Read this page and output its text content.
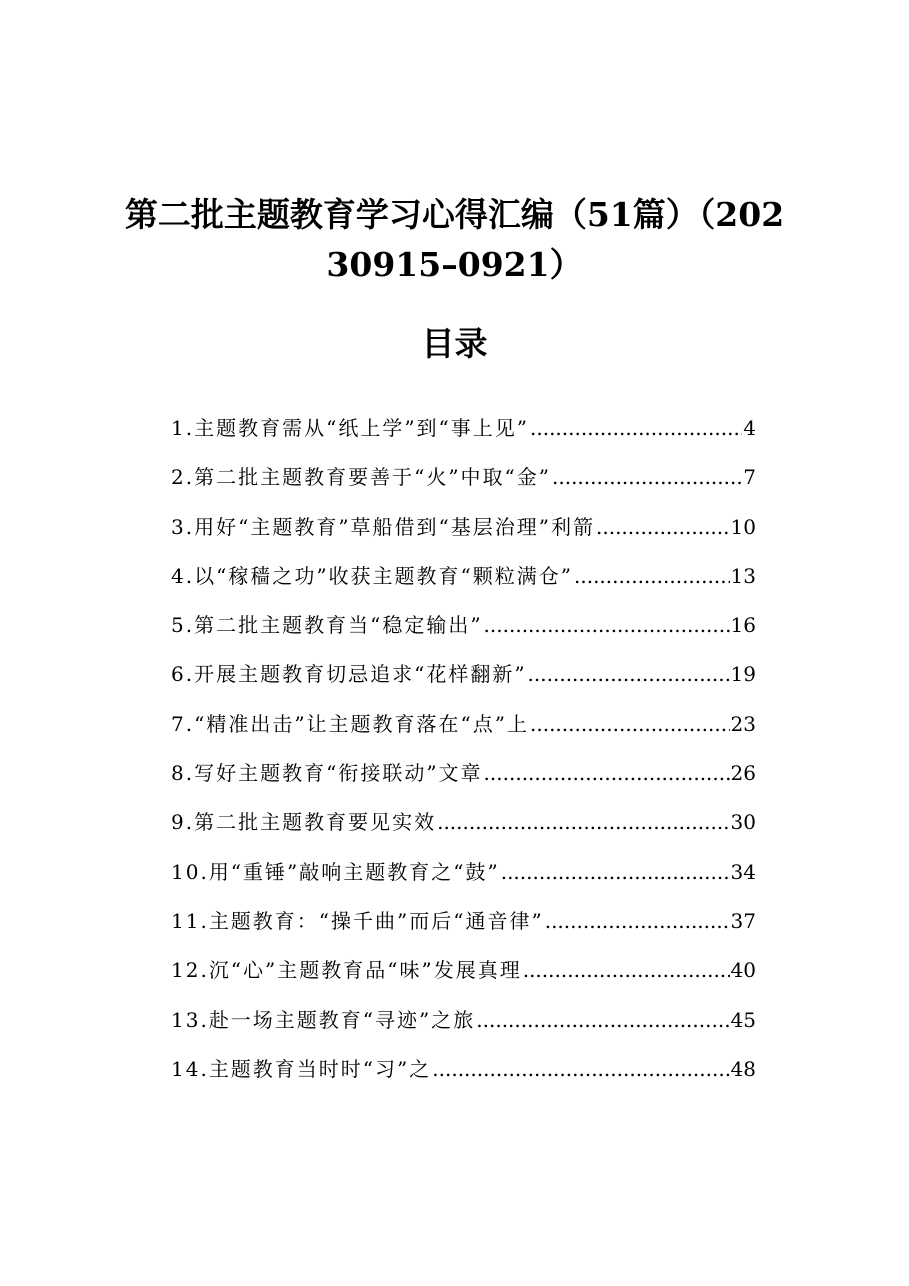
第二批主题教育学习心得汇编（51篇）（202
30915–0921）
目录
1.主题教育需从“纸上学”到“事上见” .....	4
2.第二批主题教育要善于“火”中取“金” .....	7
3.用好“主题教育”草船借到“基层治理”利箭 .....	10
4.以“稼穑之功”收获主题教育“颗粒满仓” .....	13
5.第二批主题教育当“稳定输出” .....	16
6.开展主题教育切忌追求“花样翻新” .....	19
7.“精准出击”让主题教育落在“点”上 .....	23
8.写好主题教育“衔接联动”文章 .....	26
9.第二批主题教育要见实效 .....	30
10.用“重锤”敲响主题教育之“鼓” .....	34
11.主题教育：“操千曲”而后“通音律” .....	37
12.沉“心”主题教育品“味”发展真理 .....	40
13.赴一场主题教育“寻迹”之旅 .....	45
14.主题教育当时时“习”之 .....	48
